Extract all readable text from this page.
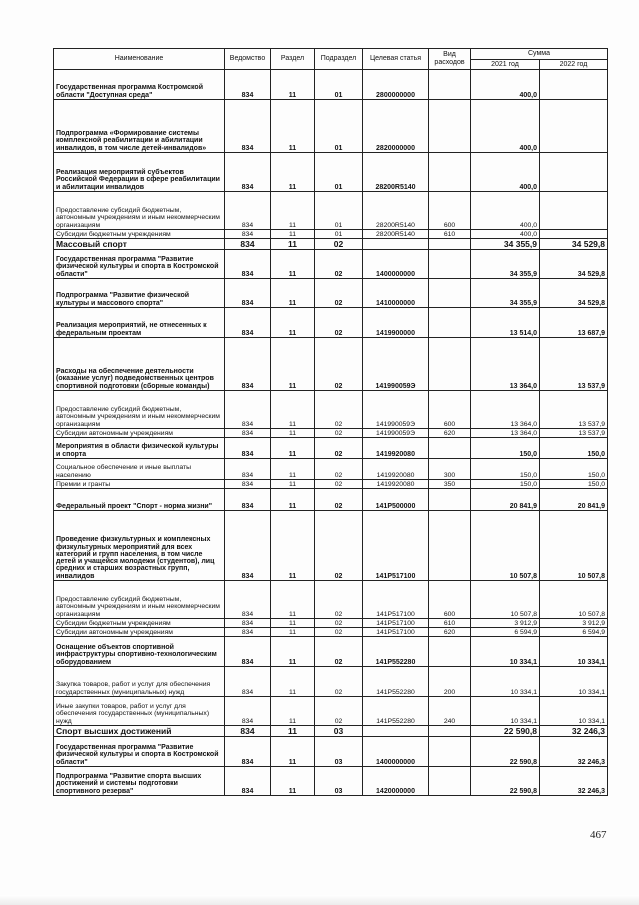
Наименование	Ведомство	Раздел	Подраздел	Целевая статья	Вид расходов	Сумма	
						2021 год	2022 год
Государственная программа Костромской области "Доступная среда"	834	11	01	2800000000		400,0	
Подпрограмма «Формирование системы комплексной реабилитации и абилитации инвалидов, в том числе детей-инвалидов»	834	11	01	2820000000		400,0	
Реализация мероприятий субъектов Российской Федерации в сфере реабилитации и абилитации инвалидов	834	11	01	28200R5140		400,0	
Предоставление субсидий бюджетным, автономным учреждениям и иным некоммерческим организациям	834	11	01	28200R5140	600	400,0	
Субсидии бюджетным учреждениям	834	11	01	28200R5140	610	400,0	
Массовый спорт	834	11	02			34 355,9	34 529,8
Государственная программа "Развитие физической культуры и спорта в Костромской области"	834	11	02	1400000000		34 355,9	34 529,8
Подпрограмма "Развитие физической культуры и массового спорта"	834	11	02	1410000000		34 355,9	34 529,8
Реализация мероприятий, не отнесенных к федеральным проектам	834	11	02	1419900000		13 514,0	13 687,9
Расходы на обеспечение деятельности (оказание услуг) подведомственных центров спортивной подготовки (сборные команды)	834	11	02	141990059Э		13 364,0	13 537,9
Предоставление субсидий бюджетным, автономным учреждениям и иным некоммерческим организациям	834	11	02	141990059Э	600	13 364,0	13 537,9
Субсидии автономным учреждениям	834	11	02	141990059Э	620	13 364,0	13 537,9
Мероприятия в области физической культуры и спорта	834	11	02	1419920080		150,0	150,0
Социальное обеспечение и иные выплаты населению	834	11	02	1419920080	300	150,0	150,0
Премии и гранты	834	11	02	1419920080	350	150,0	150,0
Федеральный проект "Спорт - норма жизни"	834	11	02	141P500000		20 841,9	20 841,9
Проведение физкультурных и комплексных физкультурных мероприятий для всех категорий и групп населения, в том числе детей и учащейся молодежи (студентов), лиц средних и старших возрастных групп, инвалидов	834	11	02	141P517100		10 507,8	10 507,8
Предоставление субсидий бюджетным, автономным учреждениям и иным некоммерческим организациям	834	11	02	141P517100	600	10 507,8	10 507,8
Субсидии бюджетным учреждениям	834	11	02	141P517100	610	3 912,9	3 912,9
Субсидии автономным учреждениям	834	11	02	141P517100	620	6 594,9	6 594,9
Оснащение объектов спортивной инфраструктуры спортивно-технологическим оборудованием	834	11	02	141P552280		10 334,1	10 334,1
Закупка товаров, работ и услуг для обеспечения государственных (муниципальных) нужд	834	11	02	141P552280	200	10 334,1	10 334,1
Иные закупки товаров, работ и услуг для обеспечения государственных (муниципальных) нужд	834	11	02	141P552280	240	10 334,1	10 334,1
Спорт высших достижений	834	11	03			22 590,8	32 246,3
Государственная программа "Развитие физической культуры и спорта в Костромской области"	834	11	03	1400000000		22 590,8	32 246,3
Подпрограмма "Развитие спорта высших достижений и системы подготовки спортивного резерва"	834	11	03	1420000000		22 590,8	32 246,3
467
